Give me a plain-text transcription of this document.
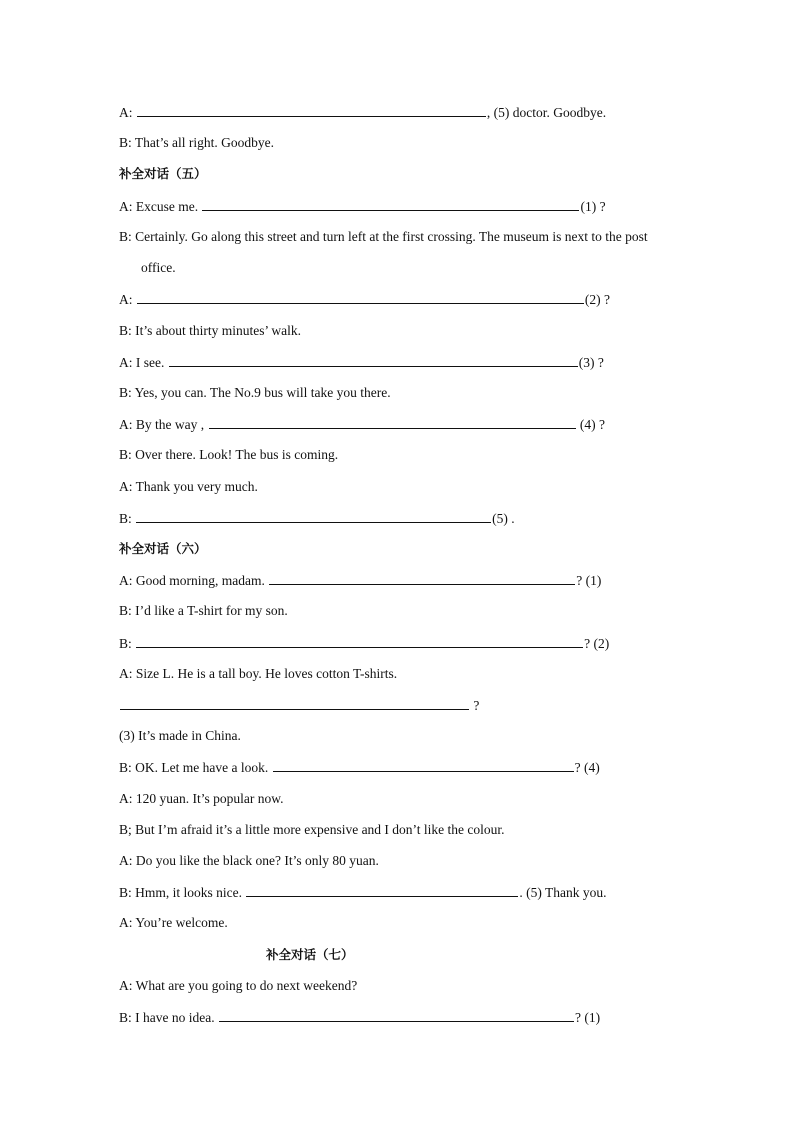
A:	, (5) doctor. Goodbye.
B: That’s all right. Goodbye.
补全对话（五）
A: Excuse me.	(1) ?
B: Certainly. Go along this street and turn left at the first crossing. The museum is next to the post
office.
A:	(2) ?
B: It’s about thirty minutes’ walk.
A: I see.	(3) ?
B: Yes, you can. The No.9 bus will take you there.
A: By the way ,	(4) ?
B: Over there. Look! The bus is coming.
A: Thank you very much.
B:	(5) .
补全对话（六）
A: Good morning, madam.	? (1)
B: I’d like a T-shirt for my son.
B:	? (2)
A: Size L. He is a tall boy. He loves cotton T-shirts.
?
(3) It’s made in China.
B: OK. Let me have a look.	? (4)
A: 120 yuan. It’s popular now.
B; But I’m afraid it’s a little more expensive and I don’t like the colour.
A: Do you like the black one? It’s only 80 yuan.
B: Hmm, it looks nice.	. (5) Thank you.
A: You’re welcome.
补全对话（七）
A: What are you going to do next weekend?
B: I have no idea.	? (1)
